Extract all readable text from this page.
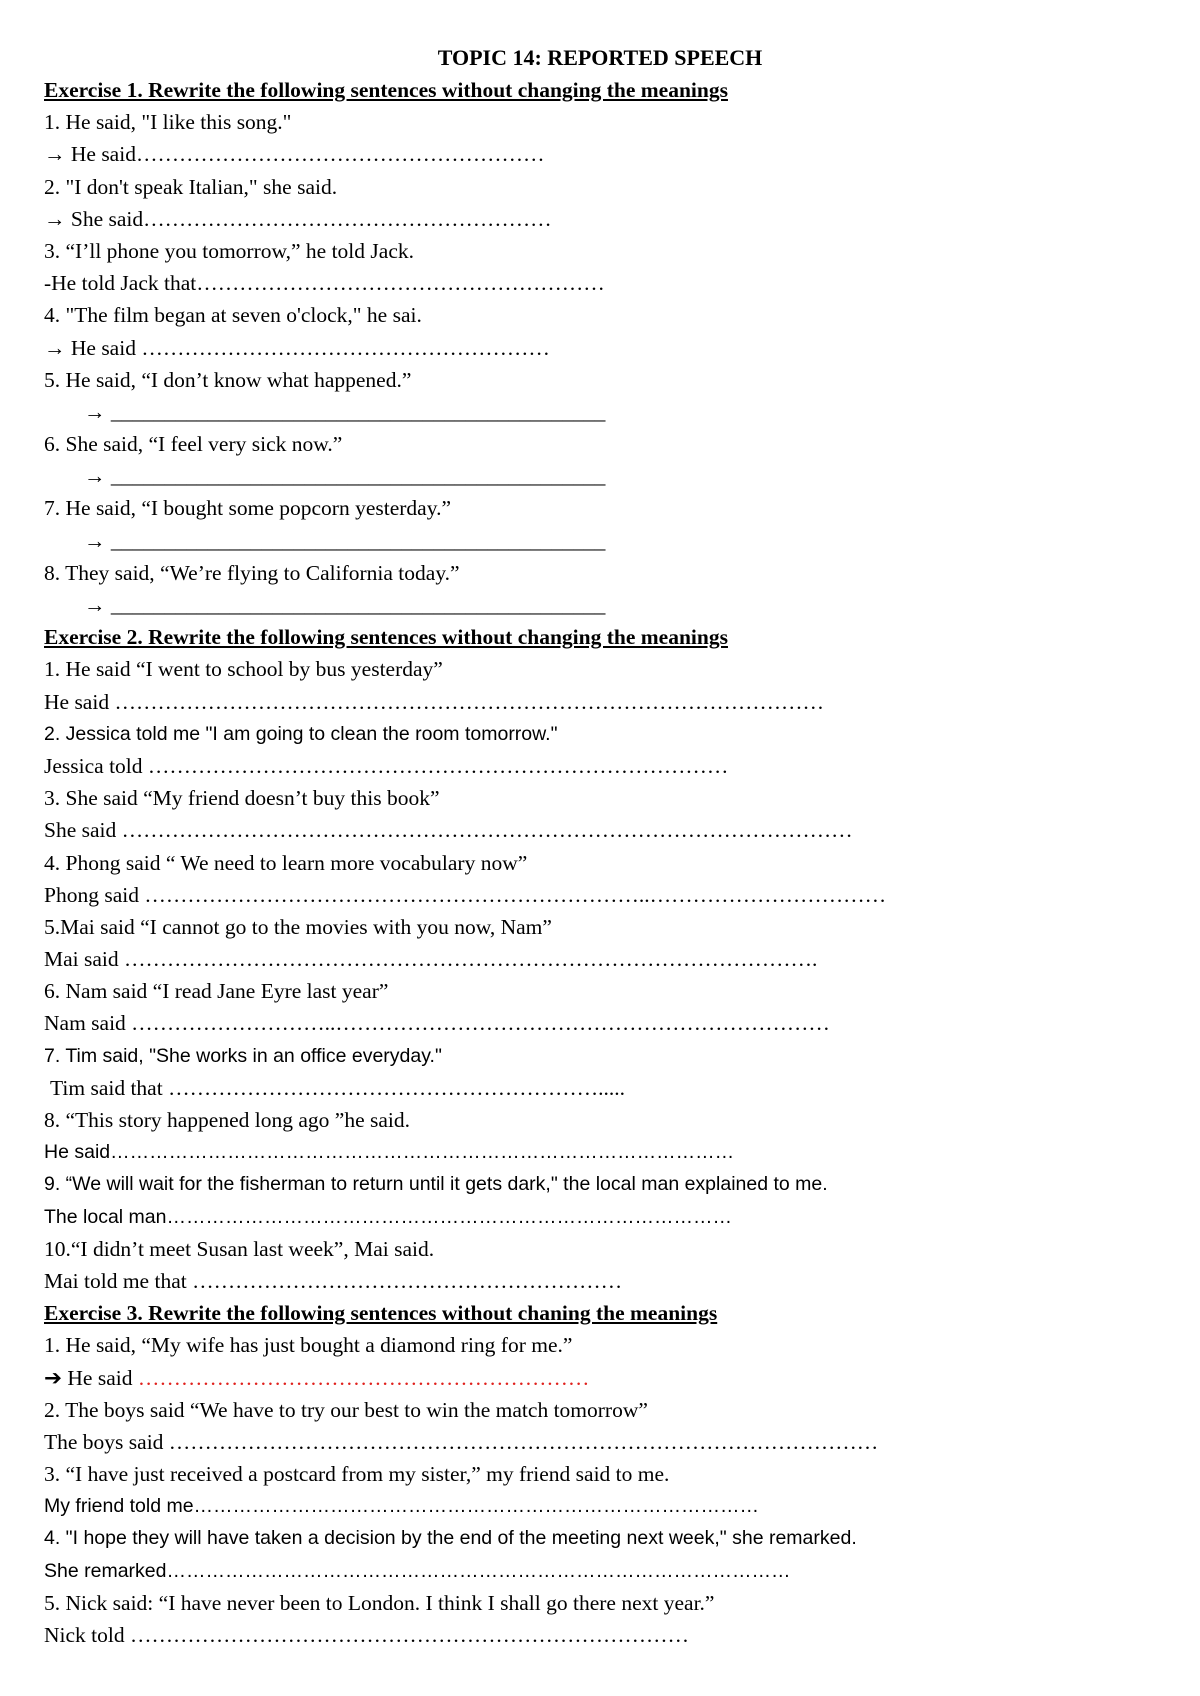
TOPIC 14: REPORTED SPEECH
Exercise 1. Rewrite the following sentences without changing the meanings
1. He said, "I like this song."
→ He said…………………………………………………
2. "I don't speak Italian," she said.
→ She said…………………………………………………
3. “I’ll phone you tomorrow,” he told Jack.
-He told Jack that…………………………………………………
4. "The film began at seven o'clock," he sai.
→ He said …………………………………………………
5. He said, “I don’t know what happened.”
→ ______________________________________________
6. She said, “I feel very sick now.”
→ ______________________________________________
7. He said, “I bought some popcorn yesterday.”
→ ______________________________________________
8. They said, “We’re flying to California today.”
→ ______________________________________________
Exercise 2. Rewrite the following sentences without changing the meanings
1. He said “I went to school by bus yesterday”
He said ………………………………………………………………………………………
2. Jessica told me "I am going to clean the room tomorrow."
Jessica told ………………………………………………………………………
3. She said “My friend doesn’t buy this book”
She said …………………………………………………………………………………………
4. Phong said “ We need to learn more vocabulary now”
Phong said ……………………………………………………………..……………………………
5.Mai said “I cannot go to the movies with you now, Nam”
Mai said …………………………………………………………………………………….
6. Nam said “I read Jane Eyre last year”
Nam said ………………………..……………………………………………………………
7. Tim said, "She works in an office everyday."
Tim said that …………………………………………………….....
8. “This story happened long ago ”he said.
He said……………………………………………………………………………………
9. “We will wait for the fisherman to return until it gets dark," the local man explained to me.
The local man……………………………………………………………………………
10.“I didn’t meet Susan last week”, Mai said.
Mai told me that ……………………………………………………
Exercise 3. Rewrite the following sentences without chaning the meanings
1. He said, “My wife has just bought a diamond ring for me.”
➔ He said ………………………………………………………
2. The boys said “We have to try our best to win the match tomorrow”
The boys said ………………………………………………………………………………………
3. “I have just received a postcard from my sister,” my friend said to me.
My friend told me……………………………………………………………………………
4. "I hope they will have taken a decision by the end of the meeting next week," she remarked.
She remarked……………………………………………………………………………………
5. Nick said: “I have never been to London. I think I shall go there next year.”
Nick told ……………………………………………………………………
